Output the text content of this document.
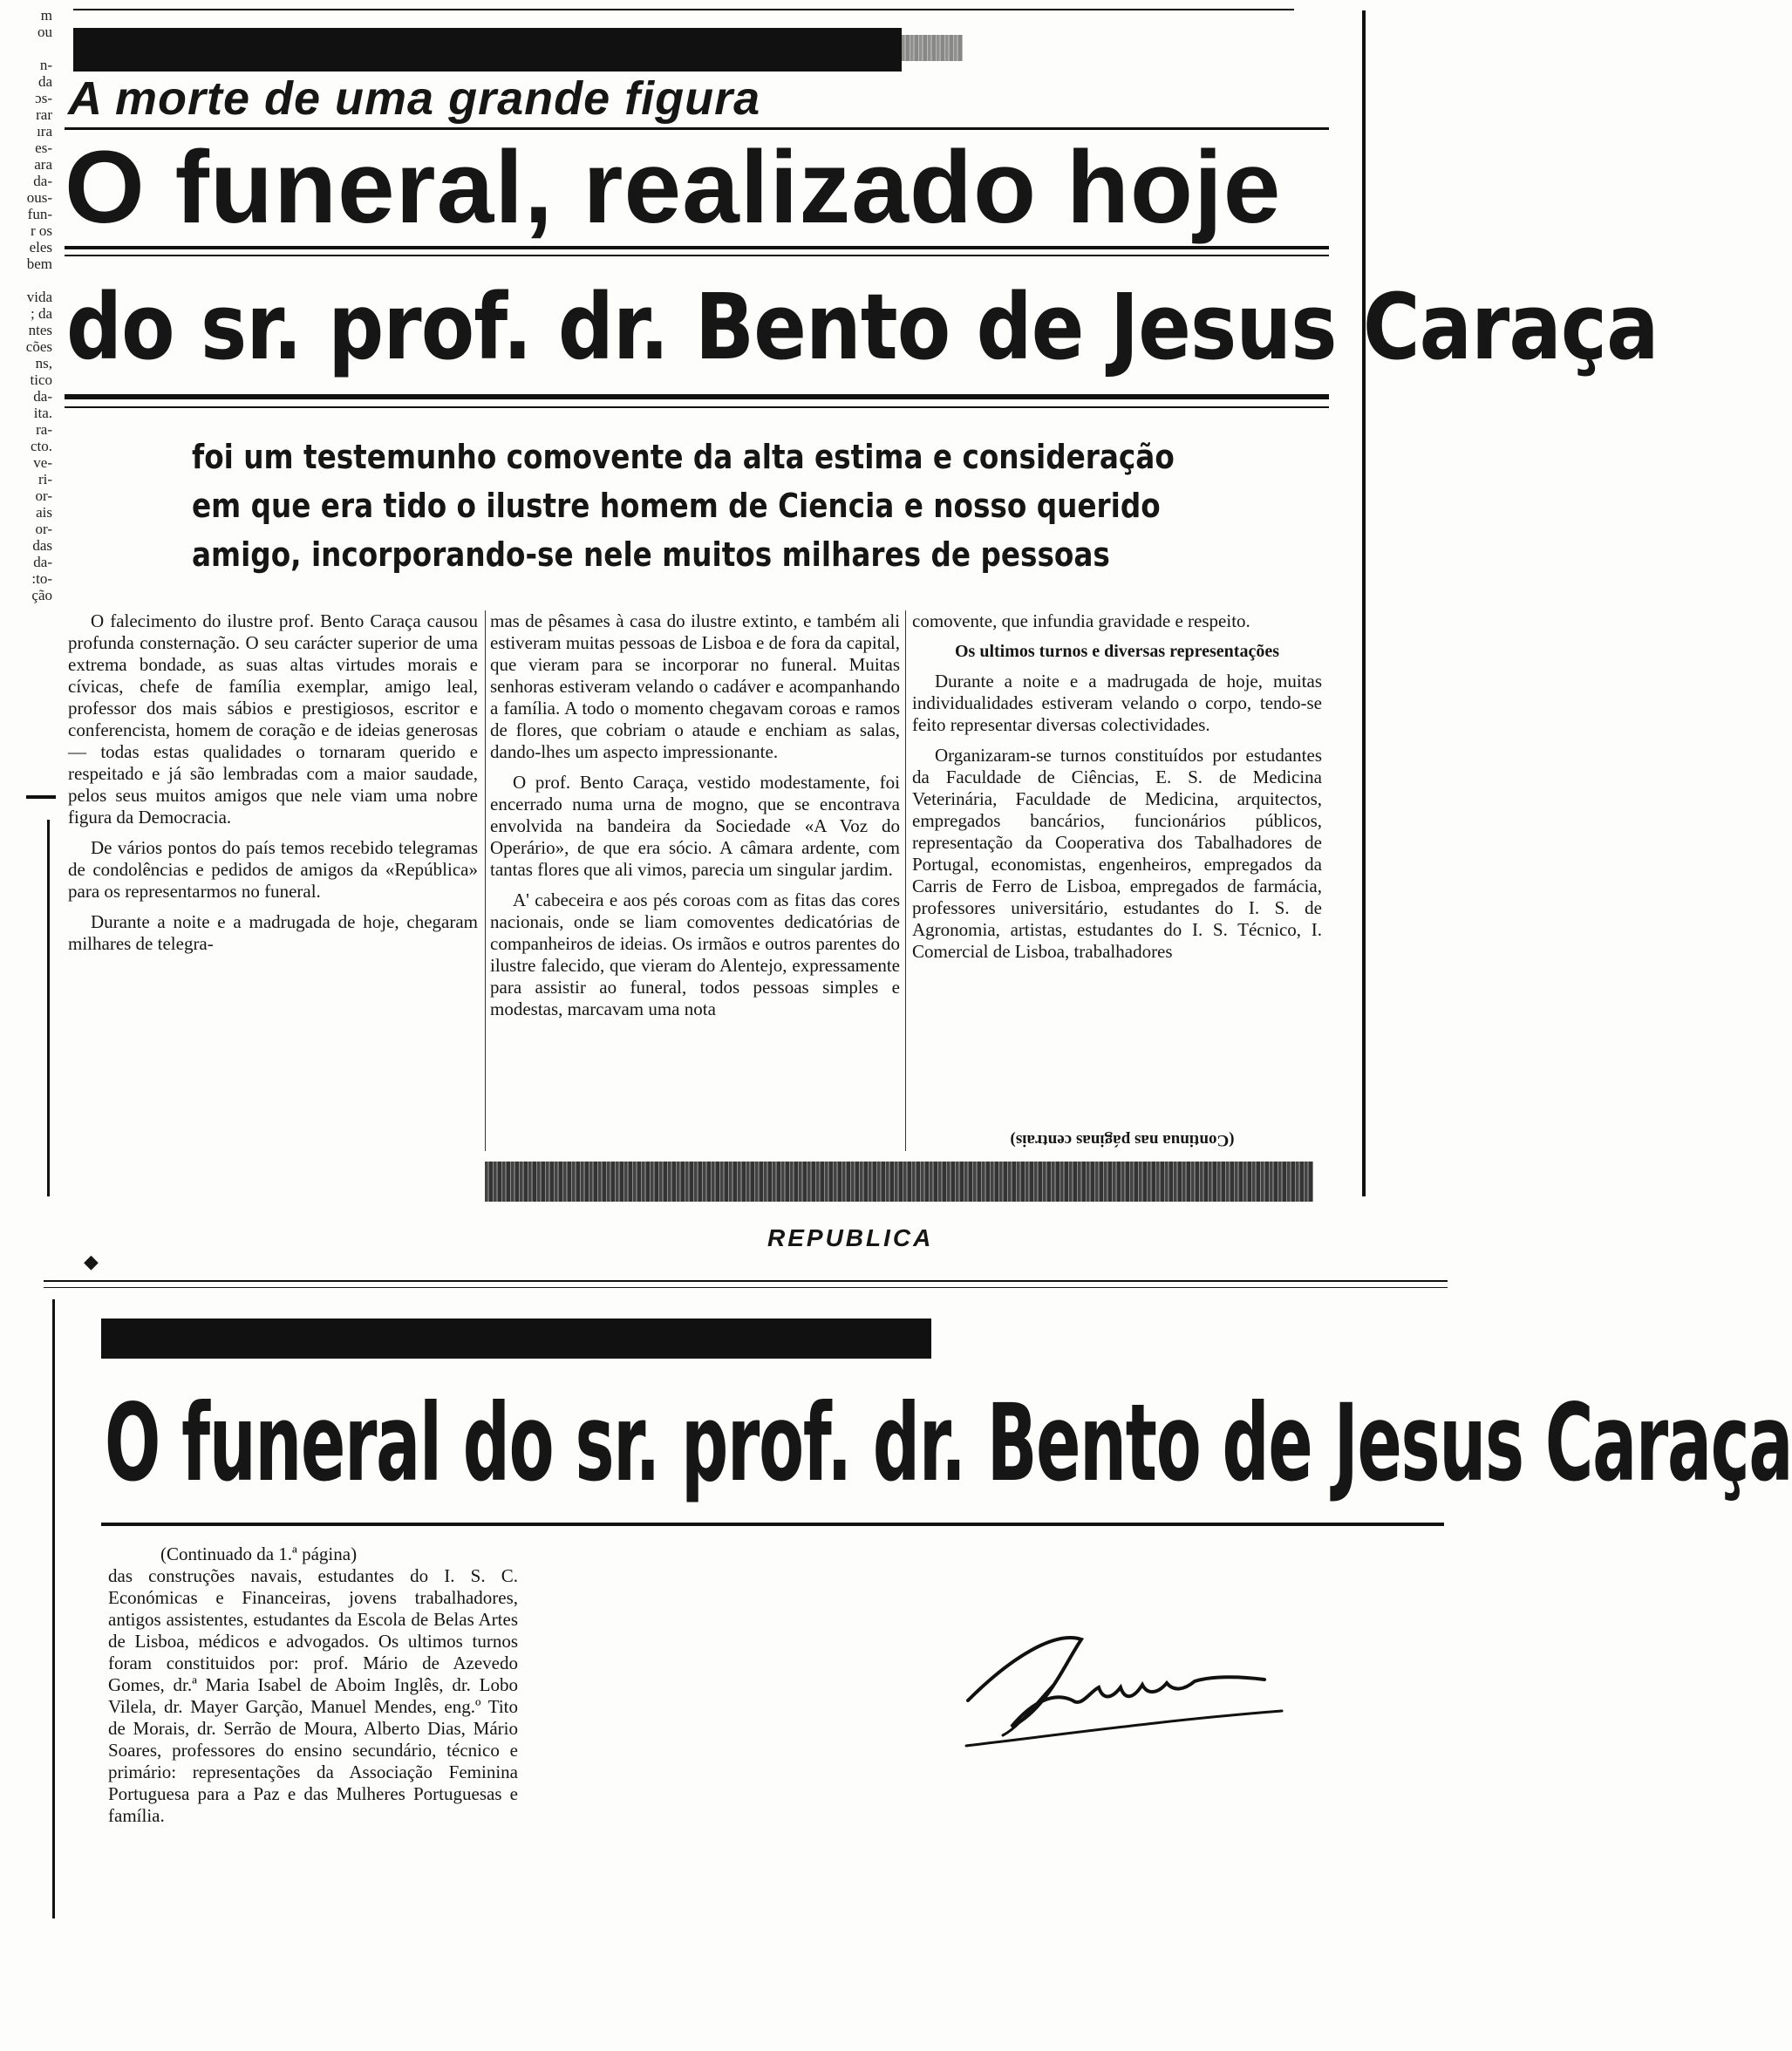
m
ou

n-
da
ɔs-
rar
ıra
es-
ara
da-
ous-
fun-
r os
eles
bem

vida
; da
ntes
cões
ns,
tico
da-
ita.
ra-
cto.
ve-
ri-
or-
ais
or-
das
da-
:to-
ção
A morte de uma grande figura
O funeral, realizado hoje
do sr. prof. dr. Bento de Jesus Caraça
foi um testemunho comovente da alta estima e consideração
em que era tido o ilustre homem de Ciencia e nosso querido
amigo, incorporando-se nele muitos milhares de pessoas

O falecimento do ilustre prof. Bento Caraça causou profunda consternação. O seu carácter superior de uma extrema bondade, as suas altas virtudes morais e cívicas, chefe de família exemplar, amigo leal, professor dos mais sábios e prestigiosos, escritor e conferencista, homem de coração e de ideias generosas — todas estas qualidades o tornaram querido e respeitado e já são lembradas com a maior saudade, pelos seus muitos amigos que nele viam uma nobre figura da Democracia.

De vários pontos do país temos recebido telegramas de condolências e pedidos de amigos da «República» para os representarmos no funeral.

Durante a noite e a madrugada de hoje, chegaram milhares de telegra-

mas de pêsames à casa do ilustre extinto, e também ali estiveram muitas pessoas de Lisboa e de fora da capital, que vieram para se incorporar no funeral. Muitas senhoras estiveram velando o cadáver e acompanhando a família. A todo o momento chegavam coroas e ramos de flores, que cobriam o ataude e enchiam as salas, dando-lhes um aspecto impressionante.

O prof. Bento Caraça, vestido modestamente, foi encerrado numa urna de mogno, que se encontrava envolvida na bandeira da Sociedade «A Voz do Operário», de que era sócio. A câmara ardente, com tantas flores que ali vimos, parecia um singular jardim.

A' cabeceira e aos pés coroas com as fitas das cores nacionais, onde se liam comoventes dedicatórias de companheiros de ideias. Os irmãos e outros parentes do ilustre falecido, que vieram do Alentejo, expressamente para assistir ao funeral, todos pessoas simples e modestas, marcavam uma nota

comovente, que infundia gravidade e respeito.

Os ultimos turnos e diversas representações

Durante a noite e a madrugada de hoje, muitas individualidades estiveram velando o corpo, tendo-se feito representar diversas colectividades.

Organizaram-se turnos constituídos por estudantes da Faculdade de Ciências, E. S. de Medicina Veterinária, Faculdade de Medicina, arquitectos, empregados bancários, funcionários públicos, representação da Cooperativa dos Tabalhadores de Portugal, economistas, engenheiros, empregados da Carris de Ferro de Lisboa, empregados de farmácia, professores universitário, estudantes do I. S. de Agronomia, artistas, estudantes do I. S. Técnico, I. Comercial de Lisboa, trabalhadores

(Continua nas páginas centrais)
◆
REPUBLICA
O funeral do sr. prof. dr. Bento de Jesus Caraça

(Continuado da 1.ª página)

das construções navais, estudantes do I. S. C. Económicas e Financeiras, jovens trabalhadores, antigos assistentes, estudantes da Escola de Belas Artes de Lisboa, médicos e advogados. Os ultimos turnos foram constituidos por: prof. Mário de Azevedo Gomes, dr.ª Maria Isabel de Aboim Inglês, dr. Lobo Vilela, dr. Mayer Garção, Manuel Mendes, eng.º Tito de Morais, dr. Serrão de Moura, Alberto Dias, Mário Soares, professores do ensino secundário, técnico e primário: representações da Associação Feminina Portuguesa para a Paz e das Mulheres Portuguesas e família.
